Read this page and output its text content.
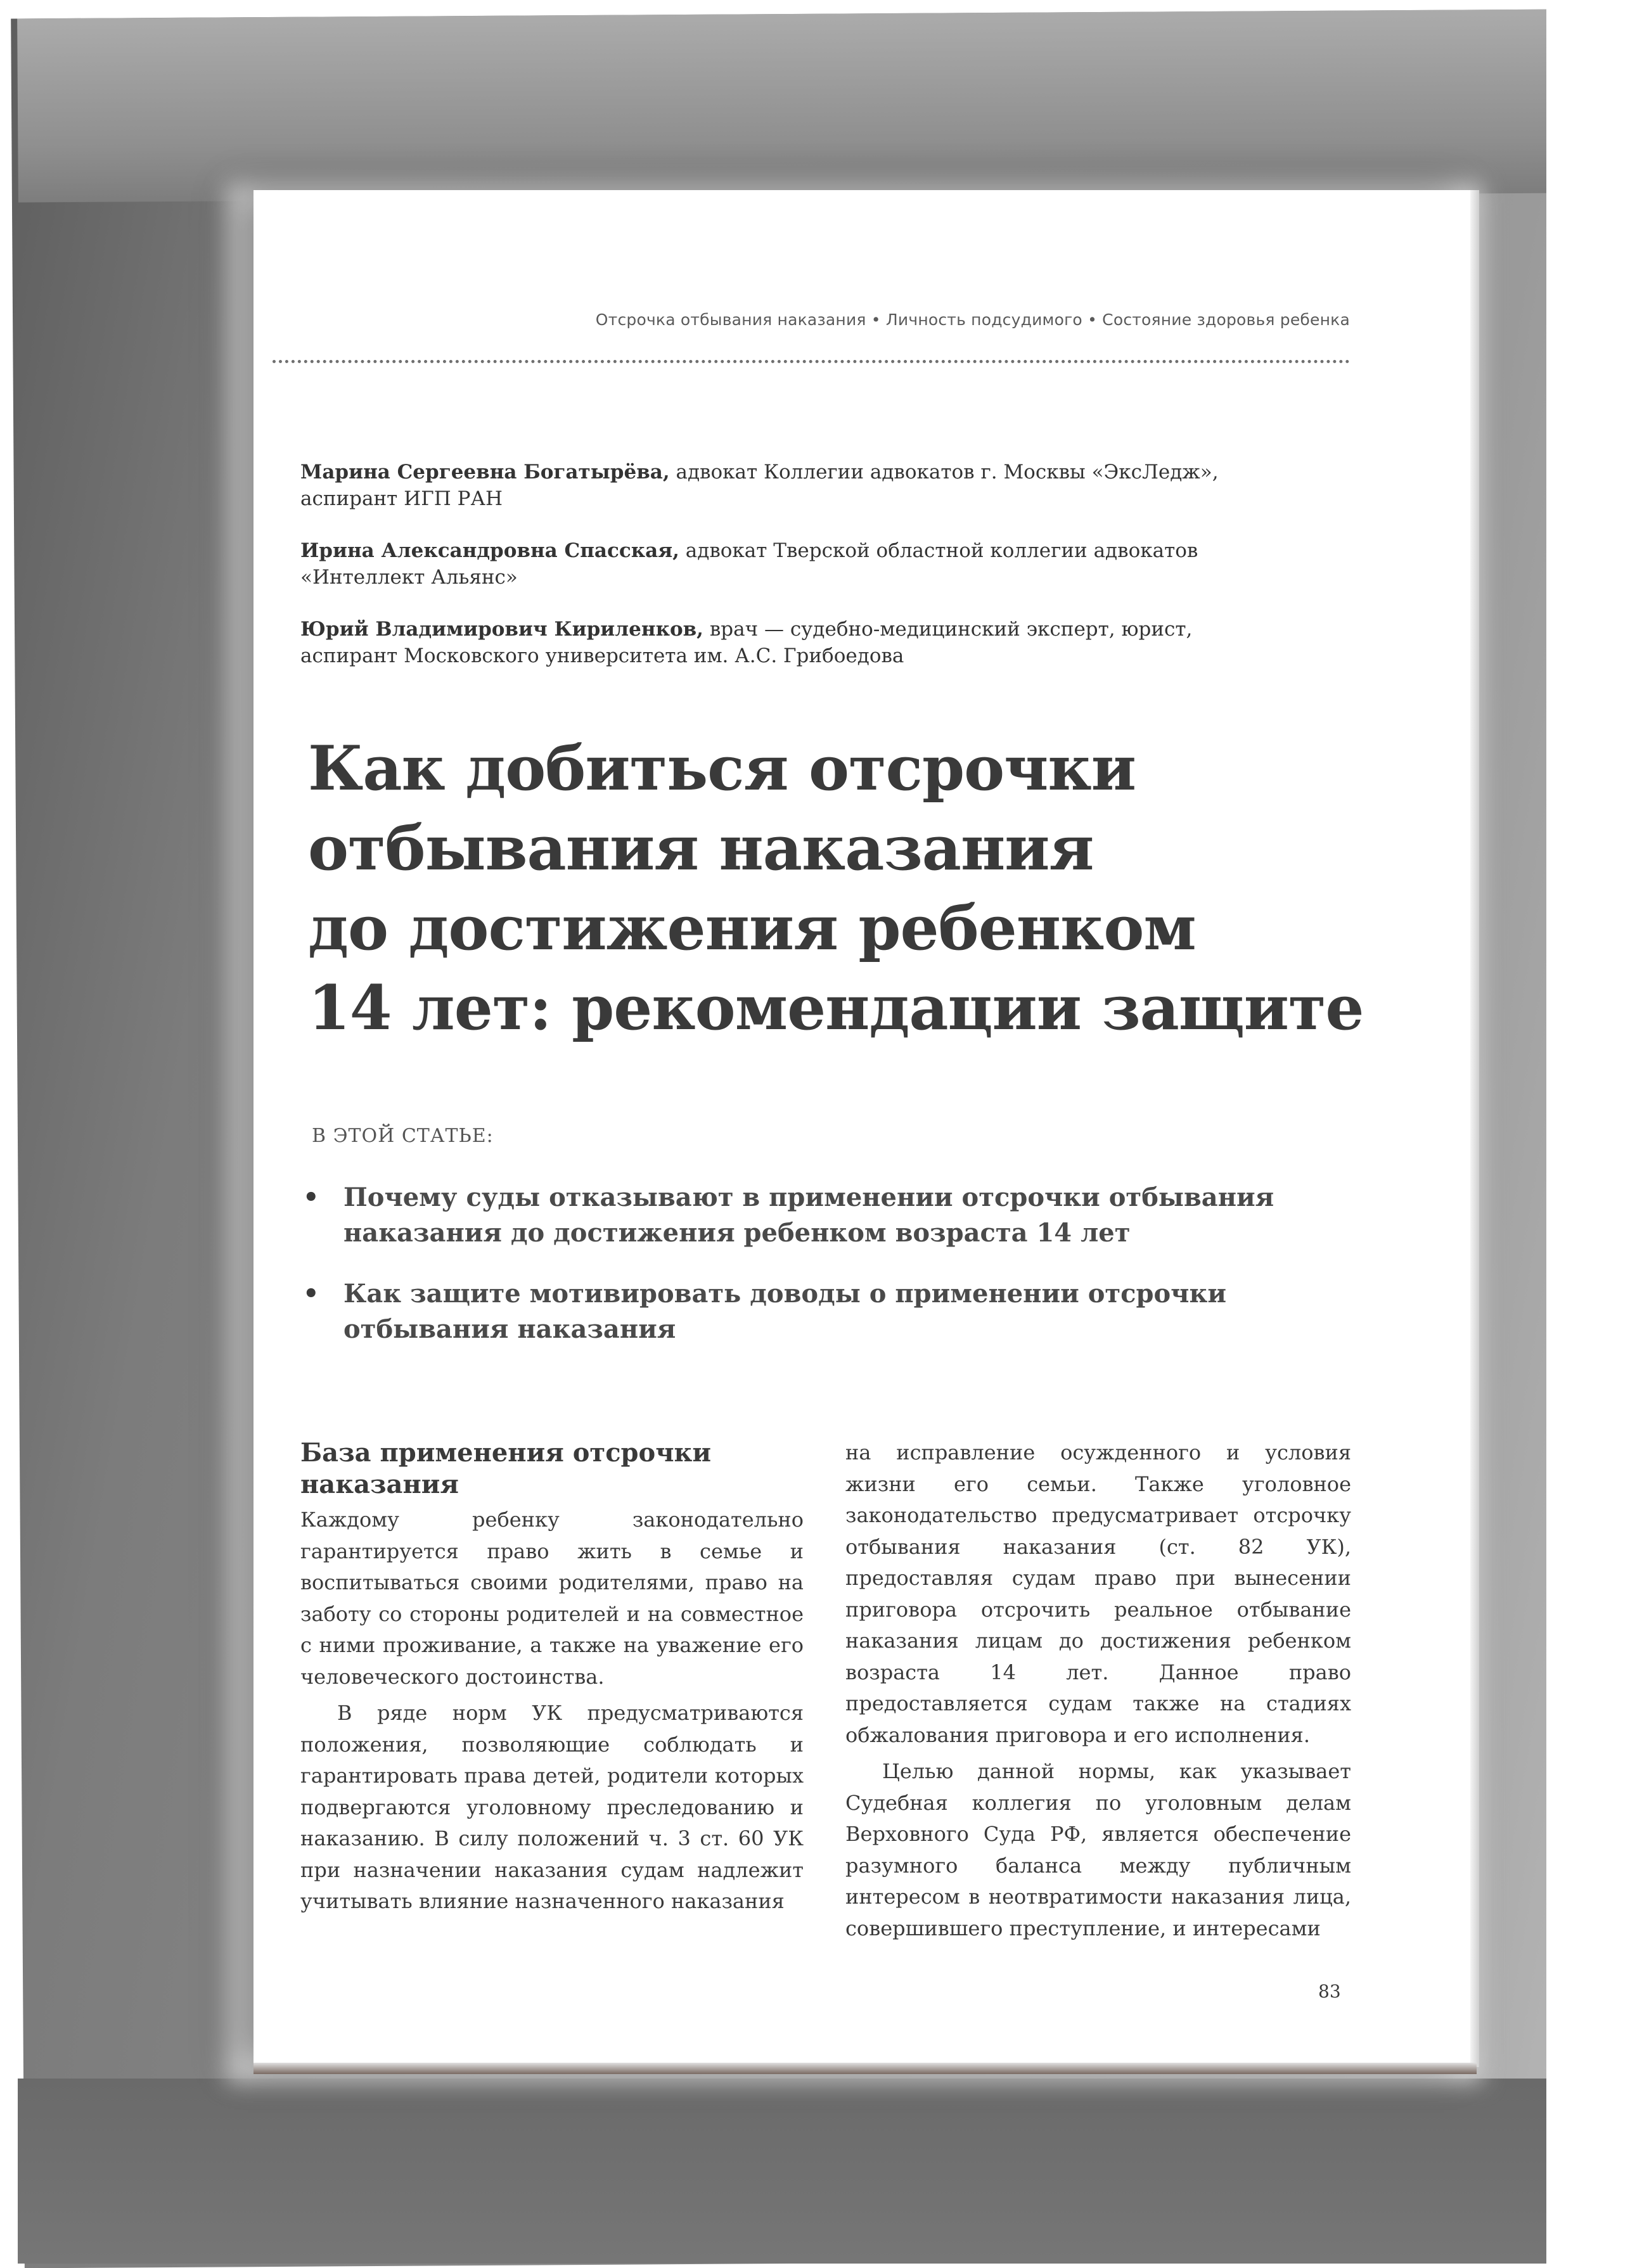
Отсрочка отбывания наказания • Личность подсудимого • Состояние здоровья ребенка
Марина Сергеевна Богатырёва, адвокат Коллегии адвокатов г. Москвы «ЭксЛедж»,
аспирант ИГП РАН
Ирина Александровна Спасская, адвокат Тверской областной коллегии адвокатов
«Интеллект Альянс»
Юрий Владимирович Кириленков, врач — судебно-медицинский эксперт, юрист,
аспирант Московского университета им. А.С. Грибоедова
Как добиться отсрочки
отбывания наказания
до достижения ребенком
14 лет: рекомендации защите
В ЭТОЙ СТАТЬЕ:
• Почему суды отказывают в применении отсрочки отбывания
наказания до достижения ребенком возраста 14 лет
• Как защите мотивировать доводы о применении отсрочки
отбывания наказания
База применения отсрочки
наказания

Каждому ребенку законодательно гарантируется право жить в семье и воспитываться своими родителями, право на заботу со стороны родителей и на совместное с ними проживание, а также на уважение его человеческого достоинства.

В ряде норм УК предусматриваются положения, позволяющие соблюдать и гарантировать права детей, родители которых подвергаются уголовному преследованию и наказанию. В силу положений ч. 3 ст. 60 УК при назначении наказания судам надлежит учитывать влияние назначенного наказания

на исправление осужденного и условия жизни его семьи. Также уголовное законодательство предусматривает отсрочку отбывания наказания (ст. 82 УК), предоставляя судам право при вынесении приговора отсрочить реальное отбывание наказания лицам до достижения ребенком возраста 14 лет. Данное право предоставляется судам также на стадиях обжалования приговора и его исполнения.

Целью данной нормы, как указывает Судебная коллегия по уголовным делам Верховного Суда РФ, является обеспечение разумного баланса между публичным интересом в неотвратимости наказания лица, совершившего преступление, и интересами

83
